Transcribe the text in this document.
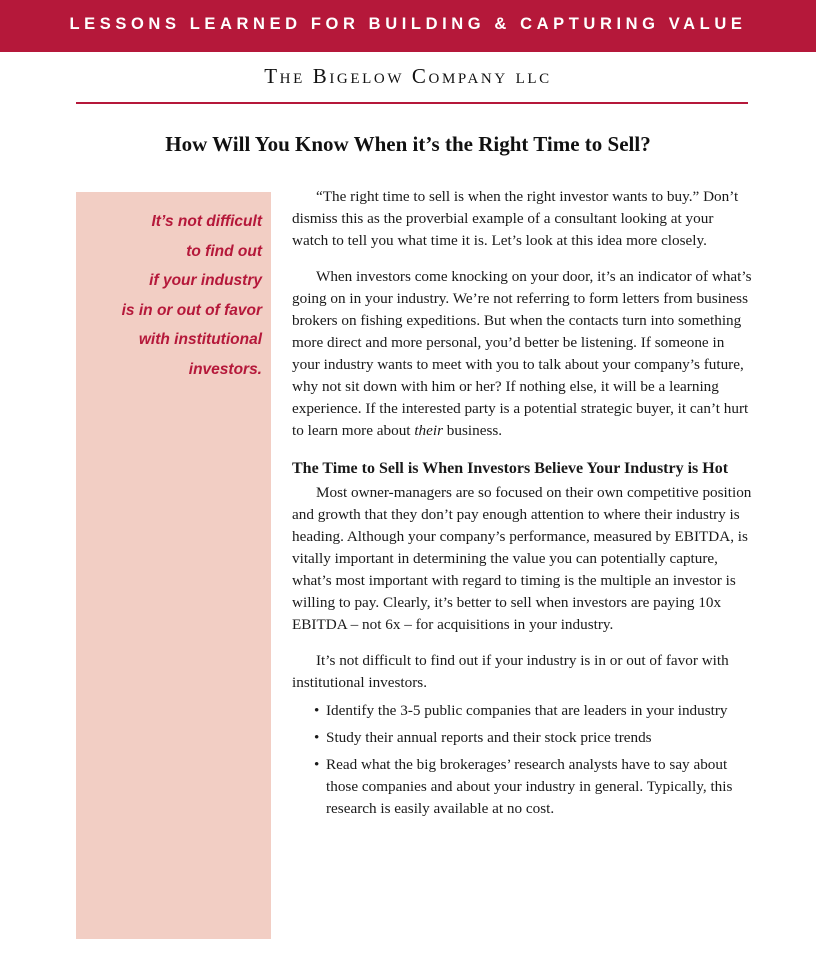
LESSONS LEARNED FOR BUILDING & CAPTURING VALUE
The Bigelow Company llc
How Will You Know When it’s the Right Time to Sell?
It’s not difficult
to find out
if your industry
is in or out of favor
with institutional
investors.

“The right time to sell is when the right investor wants to buy.” Don’t dismiss this as the proverbial example of a consultant looking at your watch to tell you what time it is. Let’s look at this idea more closely.

When investors come knocking on your door, it’s an indicator of what’s going on in your industry. We’re not referring to form letters from business brokers on fishing expeditions. But when the contacts turn into something more direct and more personal, you’d better be listening. If someone in your industry wants to meet with you to talk about your company’s future, why not sit down with him or her? If nothing else, it will be a learning experience. If the interested party is a potential strategic buyer, it can’t hurt to learn more about their business.

The Time to Sell is When Investors Believe Your Industry is Hot

Most owner-managers are so focused on their own competitive position and growth that they don’t pay enough attention to where their industry is heading. Although your company’s performance, measured by EBITDA, is vitally important in determining the value you can potentially capture, what’s most important with regard to timing is the multiple an investor is willing to pay. Clearly, it’s better to sell when investors are paying 10x EBITDA – not 6x – for acquisitions in your industry.

It’s not difficult to find out if your industry is in or out of favor with institutional investors.

• Identify the 3-5 public companies that are leaders in your industry
• Study their annual reports and their stock price trends
• Read what the big brokerages’ research analysts have to say about those companies and about your industry in general. Typically, this research is easily available at no cost.
